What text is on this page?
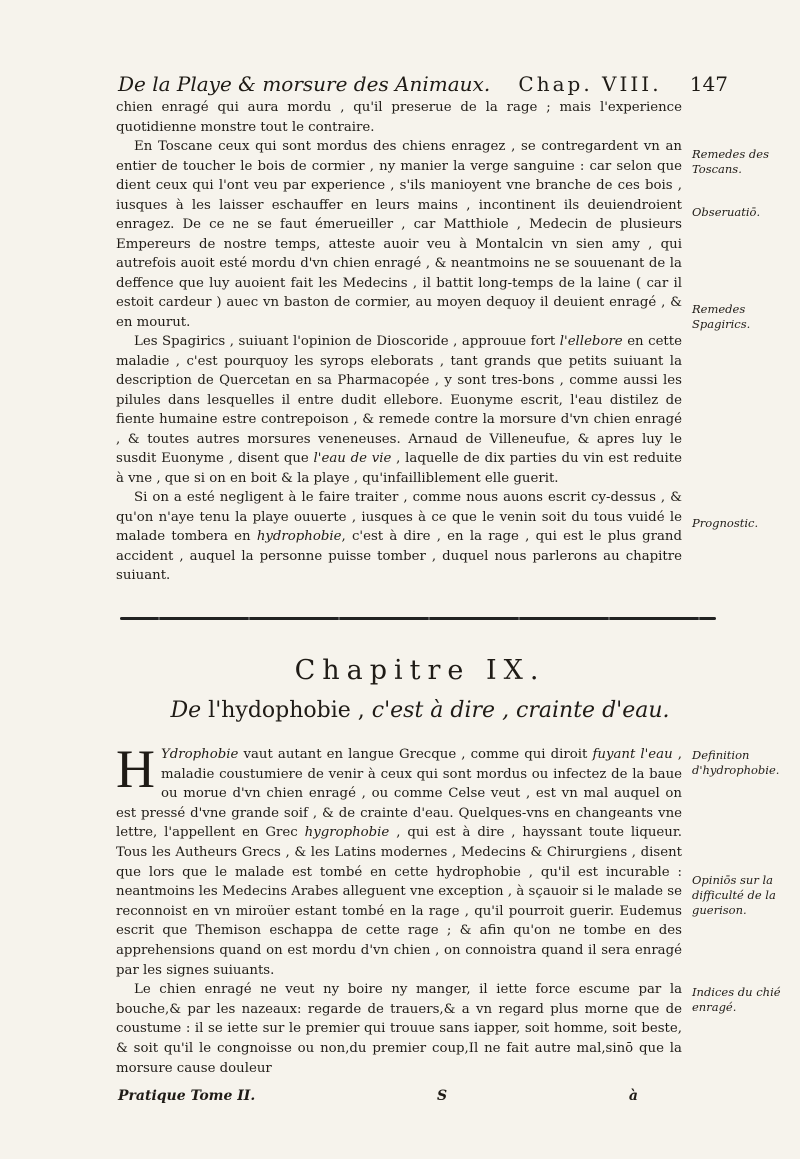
De la Playe & morsure des Animaux. Chap. VIII. 147

chien enragé qui aura mordu , qu'il preserue de la rage ; mais l'experience quotidienne monstre tout le contraire.

En Toscane ceux qui sont mordus des chiens enragez , se contregardent vn an entier de toucher le bois de cormier , ny manier la verge sanguine : car selon que dient ceux qui l'ont veu par experience , s'ils manioyent vne branche de ces bois , iusques à les laisser eschauffer en leurs mains , incontinent ils deuiendroient enragez. De ce ne se faut émerueiller , car Matthiole , Medecin de plusieurs Empereurs de nostre temps, atteste auoir veu à Montalcin vn sien amy , qui autrefois auoit esté mordu d'vn chien enragé , & neantmoins ne se souuenant de la deffence que luy auoient fait les Medecins , il battit long-temps de la laine ( car il estoit cardeur ) auec vn baston de cormier, au moyen dequoy il deuient enragé , & en mourut.

Les Spagirics , suiuant l'opinion de Dioscoride , approuue fort l'ellebore en cette maladie , c'est pourquoy les syrops eleborats , tant grands que petits suiuant la description de Quercetan en sa Pharmacopée , y sont tres-bons , comme aussi les pilules dans lesquelles il entre dudit ellebore. Euonyme escrit, l'eau distilez de fiente humaine estre contrepoison , & remede contre la morsure d'vn chien enragé , & toutes autres morsures veneneuses. Arnaud de Villeneufue, & apres luy le susdit Euonyme , disent que l'eau de vie , laquelle de dix parties du vin est reduite à vne , que si on en boit & la playe , qu'infailliblement elle guerit.

Si on a esté negligent à le faire traiter , comme nous auons escrit cy-dessus , & qu'on n'aye tenu la playe ouuerte , iusques à ce que le venin soit du tous vuidé le malade tombera en hydrophobie, c'est à dire , en la rage , qui est le plus grand accident , auquel la personne puisse tomber , duquel nous parlerons au chapitre suiuant.

Remedes des Toscans.
Obseruatiō.
Remedes Spagirics.
Prognostic.
Chapitre IX.
De l'hydophobie , c'est à dire , crainte d'eau.

H Ydrophobie vaut autant en langue Grecque , comme qui diroit fuyant l'eau , maladie coustumiere de venir à ceux qui sont mordus ou infectez de la baue ou morue d'vn chien enragé , ou comme Celse veut , est vn mal auquel on est pressé d'vne grande soif , & de crainte d'eau. Quelques-vns en changeants vne lettre, l'appellent en Grec hygrophobie , qui est à dire , hayssant toute liqueur. Tous les Autheurs Grecs , & les Latins modernes , Medecins & Chirurgiens , disent que lors que le malade est tombé en cette hydrophobie , qu'il est incurable : neantmoins les Medecins Arabes alleguent vne exception , à sçauoir si le malade se reconnoist en vn miroüer estant tombé en la rage , qu'il pourroit guerir. Eudemus escrit que Themison eschappa de cette rage ; & afin qu'on ne tombe en des apprehensions quand on est mordu d'vn chien , on connoistra quand il sera enragé par les signes suiuants.

Le chien enragé ne veut ny boire ny manger, il iette force escume par la bouche,& par les nazeaux: regarde de trauers,& a vn regard plus morne que de coustume : il se iette sur le premier qui trouue sans iapper, soit homme, soit beste, & soit qu'il le congnoisse ou non,du premier coup,Il ne fait autre mal,sinō que la morsure cause douleur

Definition d'hydrophobie.
Opiniōs sur la difficulté de la guerison.
Indices du chié enragé.
Pratique Tome II.	S	à
